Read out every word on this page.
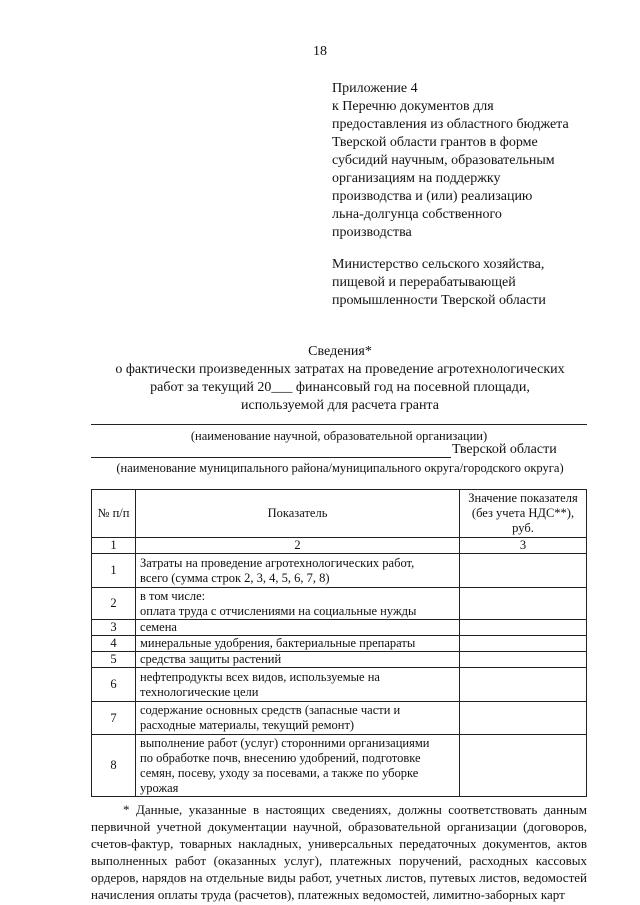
18
Приложение 4
к Перечню документов для
предоставления из областного бюджета
Тверской области грантов в форме
субсидий научным, образовательным
организациям на поддержку
производства и (или) реализацию
льна-долгунца собственного
производства
Министерство сельского хозяйства,
пищевой и перерабатывающей
промышленности Тверской области
Сведения*
о фактически произведенных затратах на проведение агротехнологических
работ за текущий 20___ финансовый год на посевной площади,
используемой для расчета гранта
(наименование научной, образовательной организации)
Тверской области
(наименование муниципального района/муниципального округа/городского округа)
№ п/п	Показатель	Значение показателя (без учета НДС**), руб.
1	2	3
1	Затраты на проведение агротехнологических работ,
всего (сумма строк 2, 3, 4, 5, 6, 7, 8)	

2	в том числе:
оплата труда с отчислениями на социальные нужды	

3	семена	

4	минеральные удобрения, бактериальные препараты	

5	средства защиты растений	

6	нефтепродукты всех видов, используемые на
технологические цели	

7	содержание основных средств (запасные части и
расходные материалы, текущий ремонт)	

8	выполнение работ (услуг) сторонними организациями
по обработке почв, внесению удобрений, подготовке
семян, посеву, уходу за посевами, а также по уборке
урожая	

* Данные, указанные в настоящих сведениях, должны соответствовать данным первичной учетной документации научной, образовательной организации (договоров, счетов-фактур, товарных накладных, универсальных передаточных документов, актов выполненных работ (оказанных услуг), платежных поручений, расходных кассовых ордеров, нарядов на отдельные виды работ, учетных листов, путевых листов, ведомостей начисления оплаты труда (расчетов), платежных ведомостей, лимитно-заборных карт
